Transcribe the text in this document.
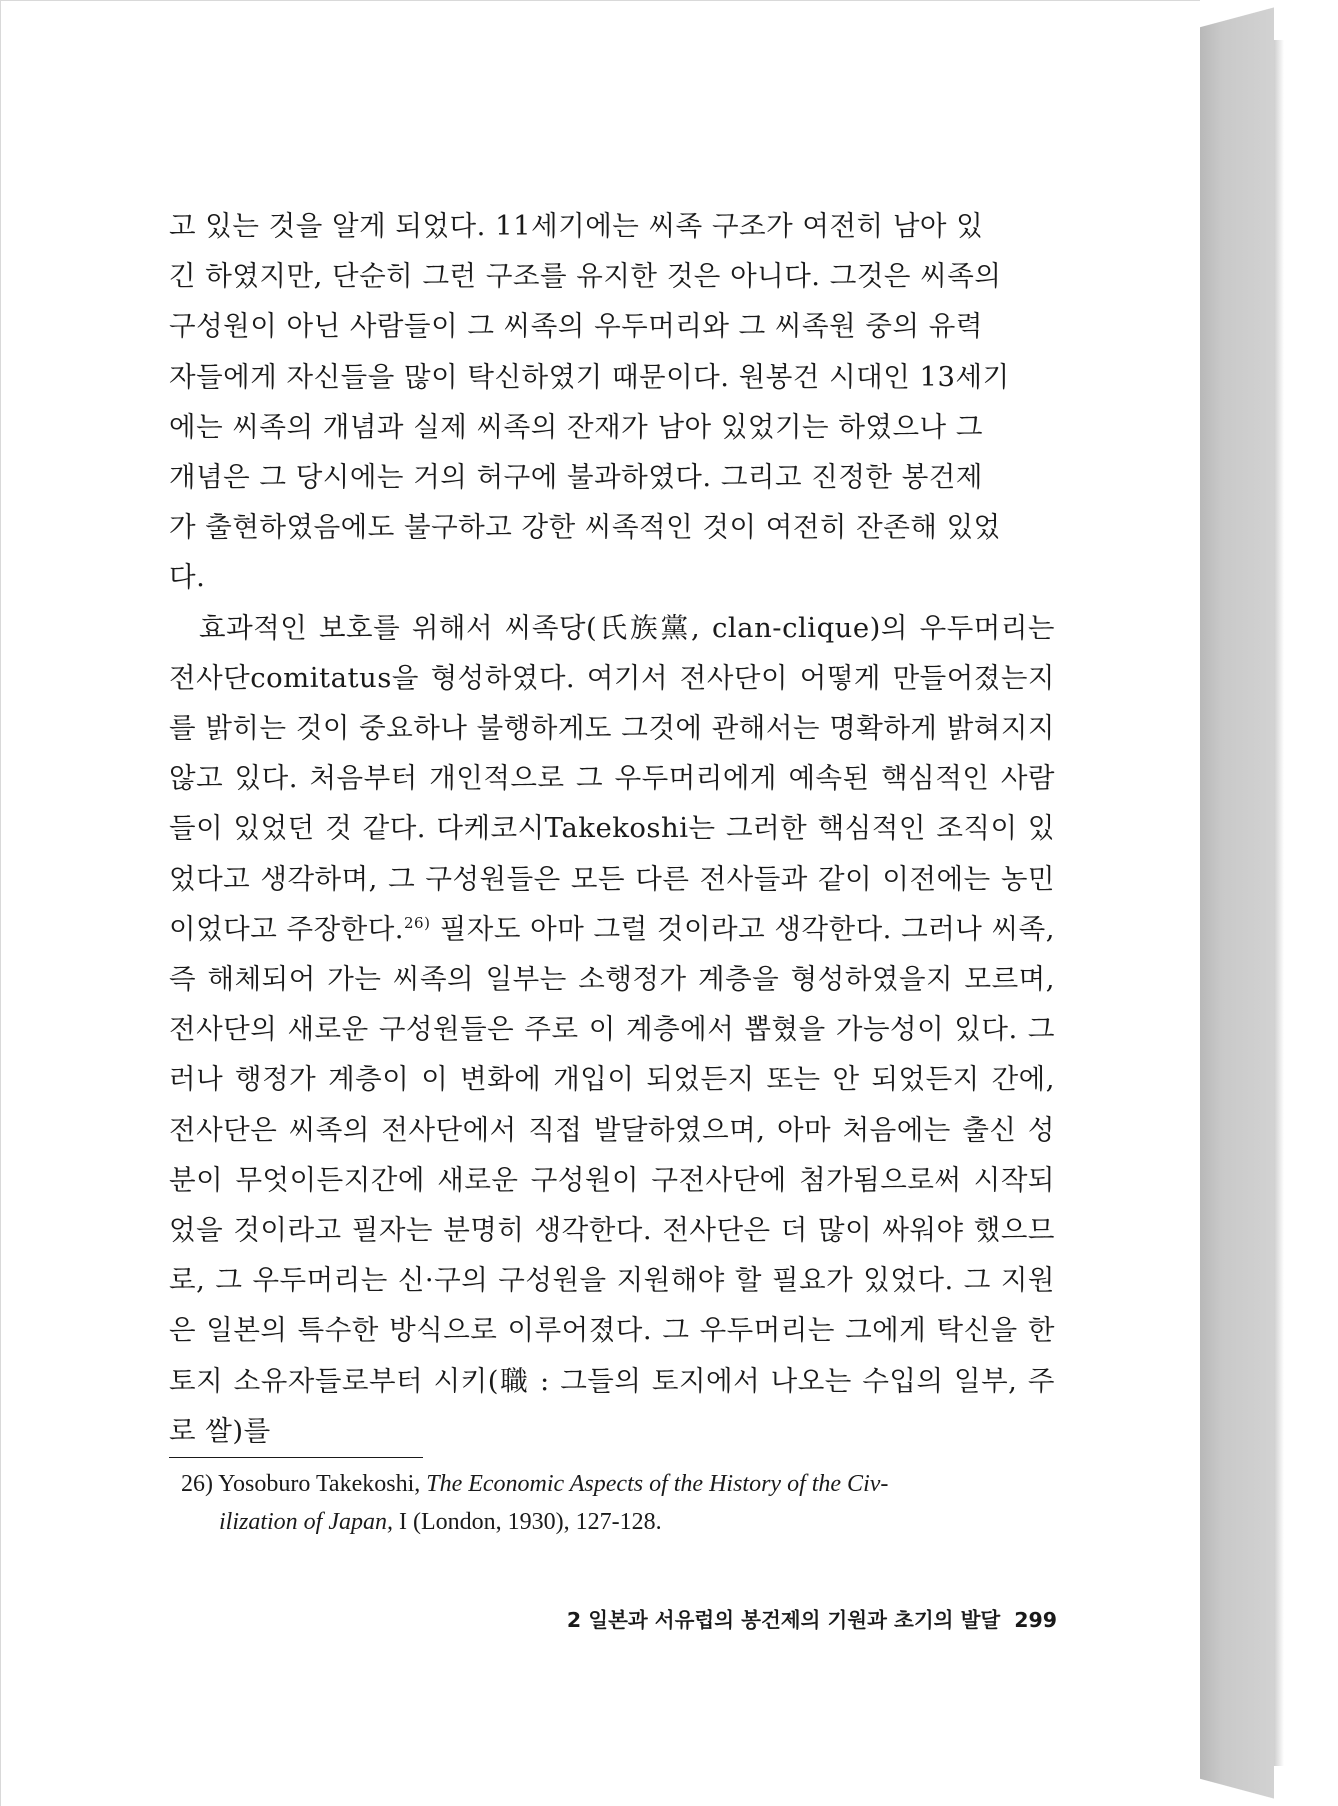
고 있는 것을 알게 되었다. 11세기에는 씨족 구조가 여전히 남아 있
긴 하였지만, 단순히 그런 구조를 유지한 것은 아니다. 그것은 씨족의
구성원이 아닌 사람들이 그 씨족의 우두머리와 그 씨족원 중의 유력
자들에게 자신들을 많이 탁신하였기 때문이다. 원봉건 시대인 13세기
에는 씨족의 개념과 실제 씨족의 잔재가 남아 있었기는 하였으나 그
개념은 그 당시에는 거의 허구에 불과하였다. 그리고 진정한 봉건제
가 출현하였음에도 불구하고 강한 씨족적인 것이 여전히 잔존해 있었
다.

효과적인 보호를 위해서 씨족당(氏族黨, clan-clique)의 우두머리는 전사단comitatus을 형성하였다. 여기서 전사단이 어떻게 만들어졌는지를 밝히는 것이 중요하나 불행하게도 그것에 관해서는 명확하게 밝혀지지 않고 있다. 처음부터 개인적으로 그 우두머리에게 예속된 핵심적인 사람들이 있었던 것 같다. 다케코시Takekoshi는 그러한 핵심적인 조직이 있었다고 생각하며, 그 구성원들은 모든 다른 전사들과 같이 이전에는 농민이었다고 주장한다.$^{26)}$ 필자도 아마 그럴 것이라고 생각한다. 그러나 씨족, 즉 해체되어 가는 씨족의 일부는 소행정가 계층을 형성하였을지 모르며, 전사단의 새로운 구성원들은 주로 이 계층에서 뽑혔을 가능성이 있다. 그러나 행정가 계층이 이 변화에 개입이 되었든지 또는 안 되었든지 간에, 전사단은 씨족의 전사단에서 직접 발달하였으며, 아마 처음에는 출신 성분이 무엇이든지간에 새로운 구성원이 구전사단에 첨가됨으로써 시작되었을 것이라고 필자는 분명히 생각한다. 전사단은 더 많이 싸워야 했으므로, 그 우두머리는 신·구의 구성원을 지원해야 할 필요가 있었다. 그 지원은 일본의 특수한 방식으로 이루어졌다. 그 우두머리는 그에게 탁신을 한 토지 소유자들로부터 시키(職 : 그들의 토지에서 나오는 수입의 일부, 주로 쌀)를

26) Yosoburo Takekoshi, The Economic Aspects of the History of the Civ-
ilization of Japan, I (London, 1930), 127-128.
2 일본과 서유럽의 봉건제의 기원과 초기의 발달 299
